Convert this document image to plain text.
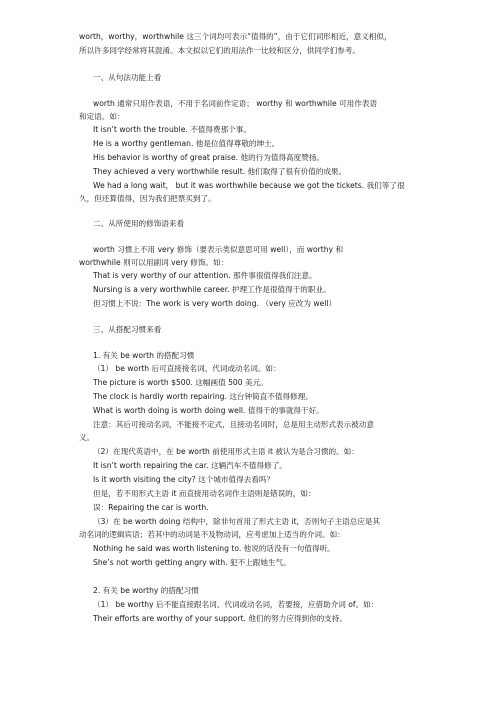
worth，worthy，worthwhile 这三个词均可表示“值得的”，由于它们词形相近，意义相似，
所以许多同学经常将其混淆。本文拟以它们的用法作一比较和区分，供同学们参考。
一、从句法功能上看
worth 通常只用作表语，不用于名词前作定语； worthy 和 worthwhile 可用作表语
和定语。如：
It isn’t worth the trouble. 不值得费那个事。
He is a worthy gentleman. 他是位值得尊敬的绅士。
His behavior is worthy of great praise. 他的行为值得高度赞扬。
They achieved a very worthwhile result. 他们取得了很有价值的成果。
We had a long wait， but it was worthwhile because we got the tickets. 我们等了很
久，但还算值得，因为我们把票买到了。
二、从所使用的修饰语来看
worth 习惯上不用 very 修饰（要表示类似意思可用 well），而 worthy 和
worthwhile 则可以用副词 very 修饰。如：
That is very worthy of our attention. 那件事很值得我们注意。
Nursing is a very worthwhile career. 护理工作是很值得干的职业。
但习惯上不说：The work is very worth doing. （very 应改为 well）
三、从搭配习惯来看
1. 有关 be worth 的搭配习惯
（1） be worth 后可直接接名词、代词或动名词。如：
The picture is worth $500. 这幅画值 500 美元。
The clock is hardly worth repairing. 这台钟简直不值得修理。
What is worth doing is worth doing well. 值得干的事就得干好。
注意：其后可接动名词，不能接不定式，且接动名词时，总是用主动形式表示被动意
义。
（2）在现代英语中，在 be worth 前使用形式主语 it 被认为是合习惯的。如：
It isn’t worth repairing the car. 这辆汽车不值得修了。
Is it worth visiting the city? 这个城市值得去看吗？
但是，若不用形式主语 it 而直接用动名词作主语则是错误的，如：
误：Repairing the car is worth.
（3）在 be worth doing 结构中，除非句首用了形式主语 it，否则句子主语总应是其
动名词的逻辑宾语；若其中的动词是不及物动词，应考虑加上适当的介词。如：
Nothing he said was worth listening to. 他说的话没有一句值得听。
She’s not worth getting angry with. 犯不上跟她生气。
2. 有关 be worthy 的搭配习惯
（1） be worthy 后不能直接跟名词、代词或动名词，若要接，应借助介词 of。如：
Their efforts are worthy of your support. 他们的努力应得到你的支持。
